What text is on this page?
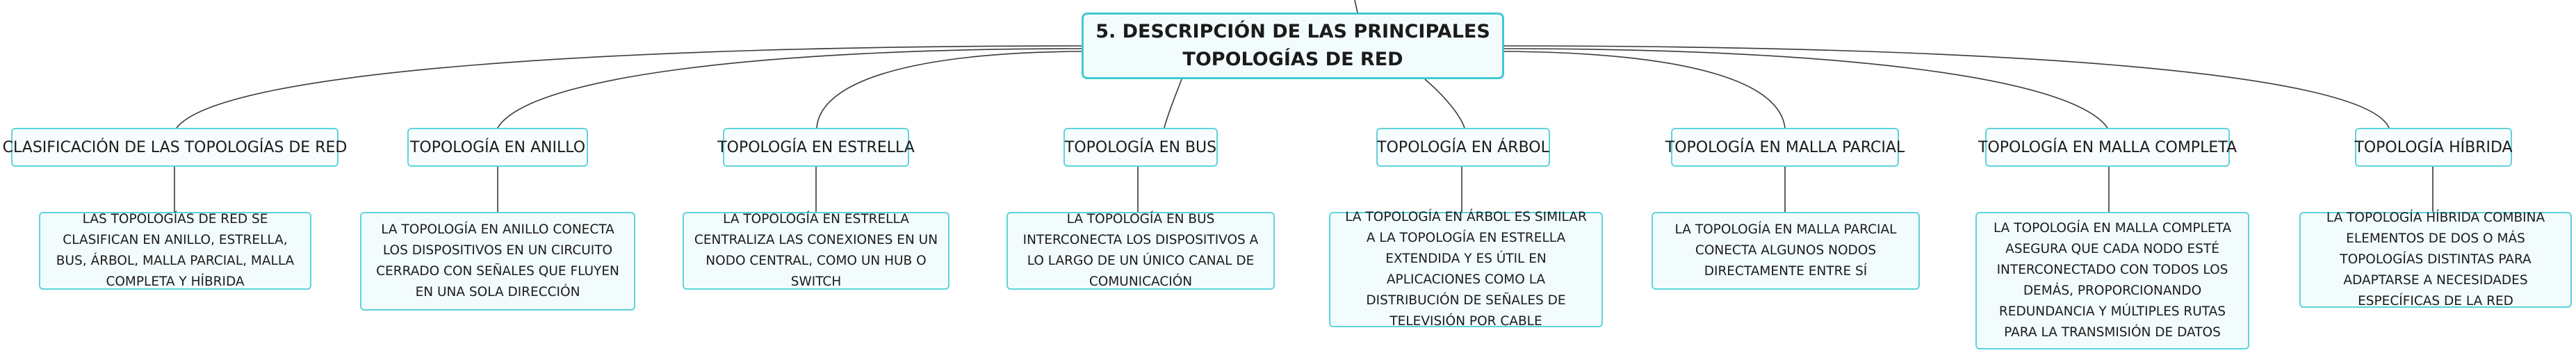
5. DESCRIPCIÓN DE LAS PRINCIPALES TOPOLOGÍAS DE RED
CLASIFICACIÓN DE LAS TOPOLOGÍAS DE RED	TOPOLOGÍA EN ANILLO	TOPOLOGÍA EN ESTRELLA	TOPOLOGÍA EN BUS	TOPOLOGÍA EN ÁRBOL	TOPOLOGÍA EN MALLA PARCIAL	TOPOLOGÍA EN MALLA COMPLETA	TOPOLOGÍA HÍBRIDA
LAS TOPOLOGÍAS DE RED SE CLASIFICAN EN ANILLO, ESTRELLA, BUS, ÁRBOL, MALLA PARCIAL, MALLA COMPLETA Y HÍBRIDA
LA TOPOLOGÍA EN ANILLO CONECTA LOS DISPOSITIVOS EN UN CIRCUITO CERRADO CON SEÑALES QUE FLUYEN EN UNA SOLA DIRECCIÓN
LA TOPOLOGÍA EN ESTRELLA CENTRALIZA LAS CONEXIONES EN UN NODO CENTRAL, COMO UN HUB O SWITCH
LA TOPOLOGÍA EN BUS INTERCONECTA LOS DISPOSITIVOS A LO LARGO DE UN ÚNICO CANAL DE COMUNICACIÓN
LA TOPOLOGÍA EN ÁRBOL ES SIMILAR A LA TOPOLOGÍA EN ESTRELLA EXTENDIDA Y ES ÚTIL EN APLICACIONES COMO LA DISTRIBUCIÓN DE SEÑALES DE TELEVISIÓN POR CABLE
LA TOPOLOGÍA EN MALLA PARCIAL CONECTA ALGUNOS NODOS DIRECTAMENTE ENTRE SÍ
LA TOPOLOGÍA EN MALLA COMPLETA ASEGURA QUE CADA NODO ESTÉ INTERCONECTADO CON TODOS LOS DEMÁS, PROPORCIONANDO REDUNDANCIA Y MÚLTIPLES RUTAS PARA LA TRANSMISIÓN DE DATOS
LA TOPOLOGÍA HÍBRIDA COMBINA ELEMENTOS DE DOS O MÁS TOPOLOGÍAS DISTINTAS PARA ADAPTARSE A NECESIDADES ESPECÍFICAS DE LA RED
